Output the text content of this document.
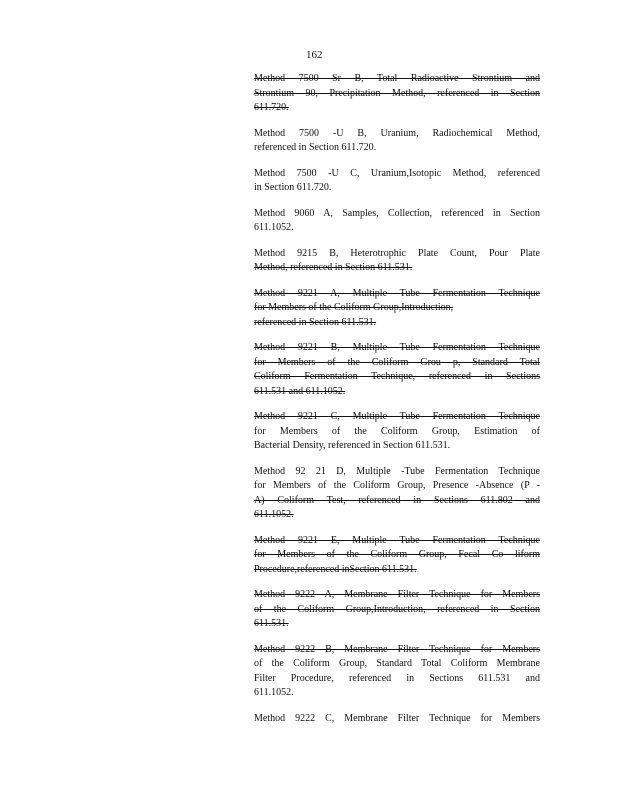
162
Method 7500 Sr B, Total Radioactive Strontium and
Strontium 90, Precipitation Method, referenced in Section
611.720.
Method 7500 -U B, Uranium, Radiochemical Method,
referenced in Section 611.720.
Method 7500 -U C, Uranium,Isotopic Method, referenced
in Section 611.720.
Method 9060 A, Samples, Collection, referenced in Section
611.1052.
Method 9215 B, Heterotrophic Plate Count, Pour Plate
Method, referenced in Section 611.531.
Method 9221 A, Multiple Tube Fermentation Technique
for Members of the Coliform Group,Introduction,
referenced in Section 611.531.
Method 9221 B, Multiple Tube Fermentation Technique
for Members of the Coliform Grou p, Standard Total
Coliform Fermentation Technique, referenced in Sections
611.531 and 611.1052.
Method 9221 C, Multiple Tube Fermentation Technique
for Members of the Coliform Group, Estimation of
Bacterial Density, referenced in Section 611.531.
Method 92 21 D, Multiple -Tube Fermentation Technique
for Members of the Coliform Group, Presence -Absence (P -
A) Coliform Test, referenced in Sections 611.802 and
611.1052.
Method 9221 E, Multiple Tube Fermentation Technique
for Members of the Coliform Group, Fecal Co liform
Procedure,referenced inSection 611.531.
Method 9222 A, Membrane Filter Technique for Members
of the Coliform Group,Introduction, referenced in Section
611.531.
Method 9222 B, Membrane Filter Technique for Members
of the Coliform Group, Standard Total Coliform Membrane
Filter Procedure, referenced in Sections 611.531 and
611.1052.
Method 9222 C, Membrane Filter Technique for Members
